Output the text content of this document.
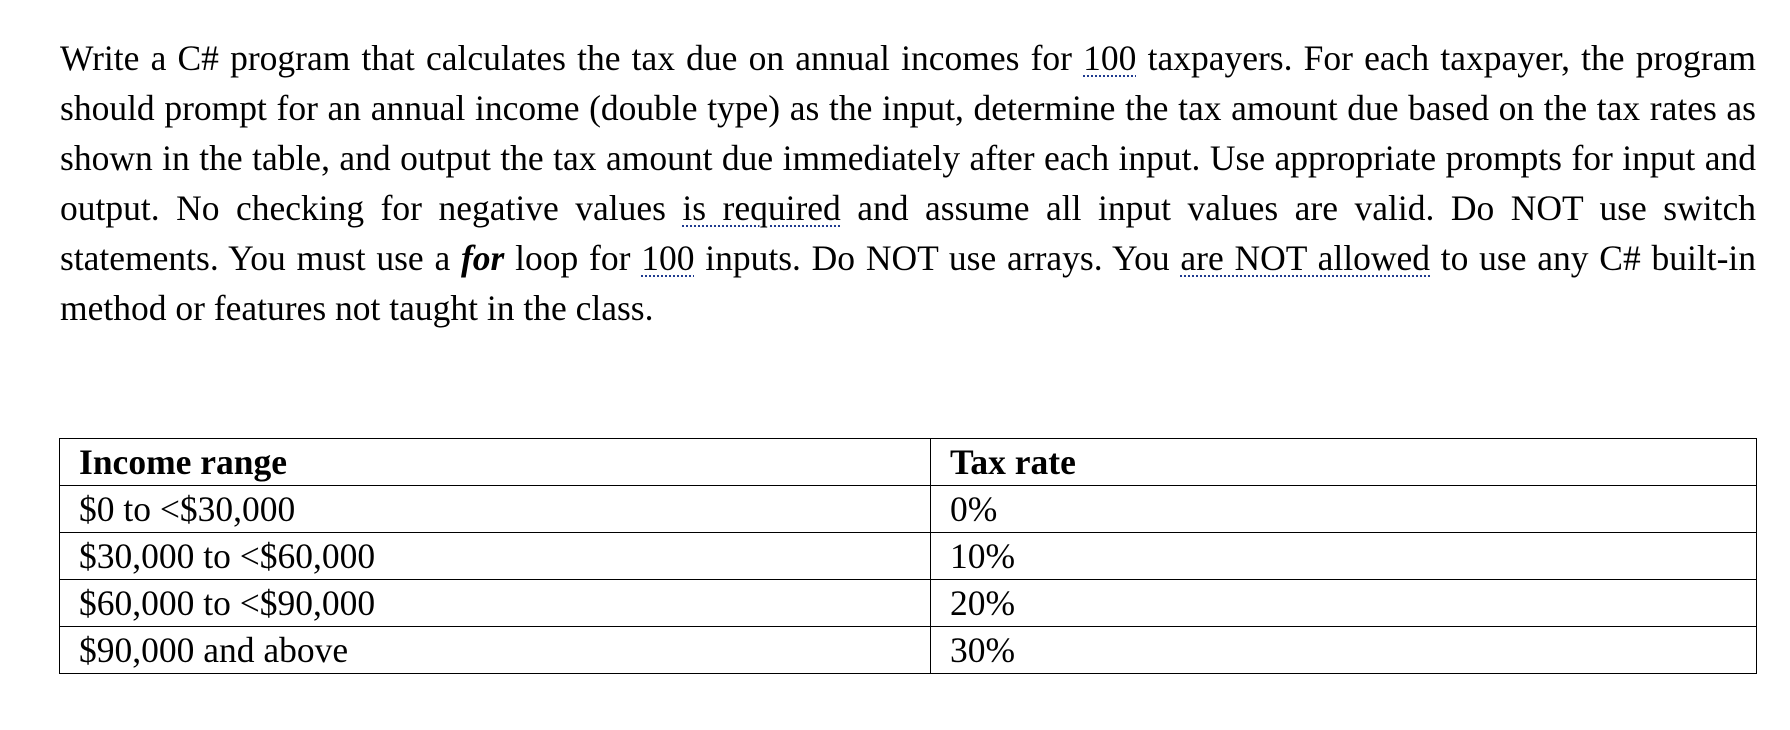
Write a C# program that calculates the tax due on annual incomes for 100 taxpayers. For each taxpayer, the program should prompt for an annual income (double type) as the input, determine the tax amount due based on the tax rates as shown in the table, and output the tax amount due immediately after each input. Use appropriate prompts for input and output. No checking for negative values is required and assume all input values are valid. Do NOT use switch statements. You must use a for loop for 100 inputs. Do NOT use arrays. You are NOT allowed to use any C# built-in method or features not taught in the class.

Income range	Tax rate
$0 to <$30,000	0%
$30,000 to <$60,000	10%
$60,000 to <$90,000	20%
$90,000 and above	30%
